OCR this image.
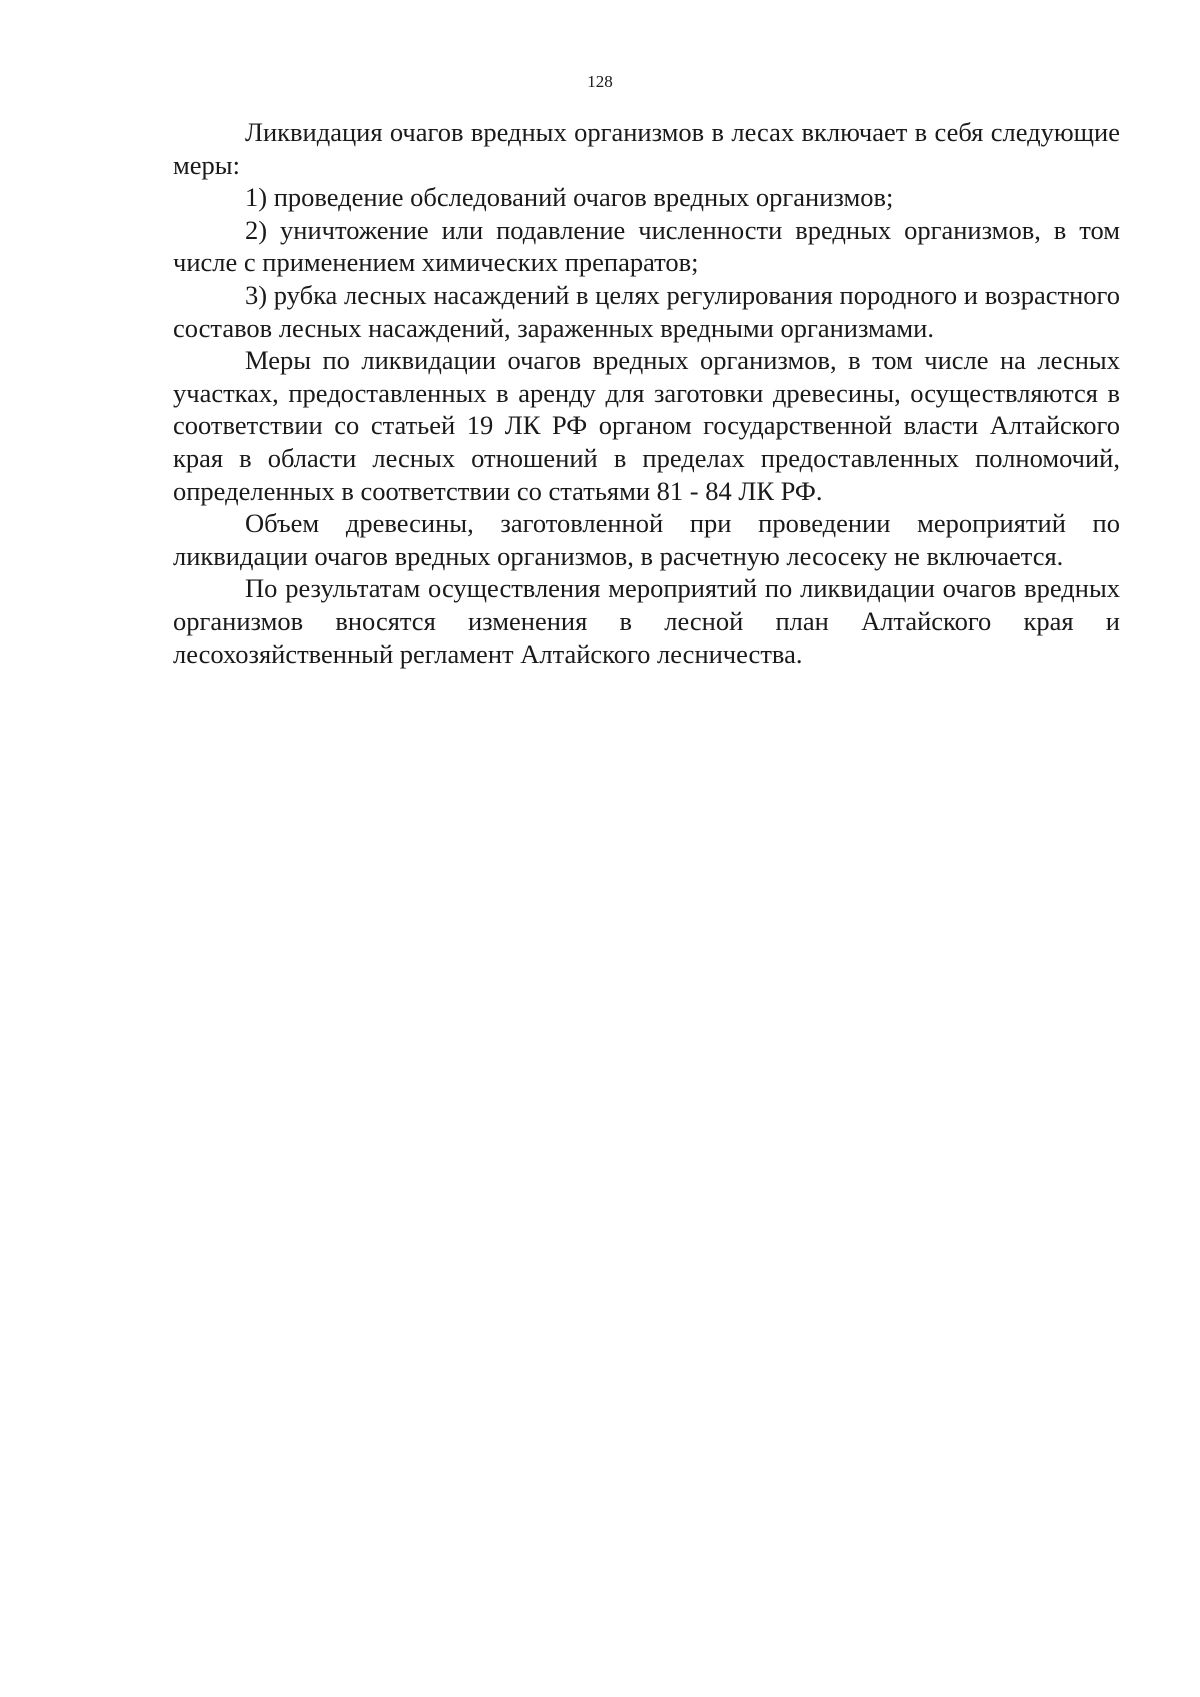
128

Ликвидация очагов вредных организмов в лесах включает в себя следующие меры:

1) проведение обследований очагов вредных организмов;

2) уничтожение или подавление численности вредных организмов, в том числе с применением химических препаратов;

3) рубка лесных насаждений в целях регулирования породного и возрастного составов лесных насаждений, зараженных вредными организмами.

Меры по ликвидации очагов вредных организмов, в том числе на лесных участках, предоставленных в аренду для заготовки древесины, осуществляются в соответствии со статьей 19 ЛК РФ органом государственной власти Алтайского края в области лесных отношений в пределах предоставленных полномочий, определенных в соответствии со статьями 81 - 84 ЛК РФ.

Объем древесины, заготовленной при проведении мероприятий по ликвидации очагов вредных организмов, в расчетную лесосеку не включается.

По результатам осуществления мероприятий по ликвидации очагов вредных организмов вносятся изменения в лесной план Алтайского края и лесохозяйственный регламент Алтайского лесничества.
